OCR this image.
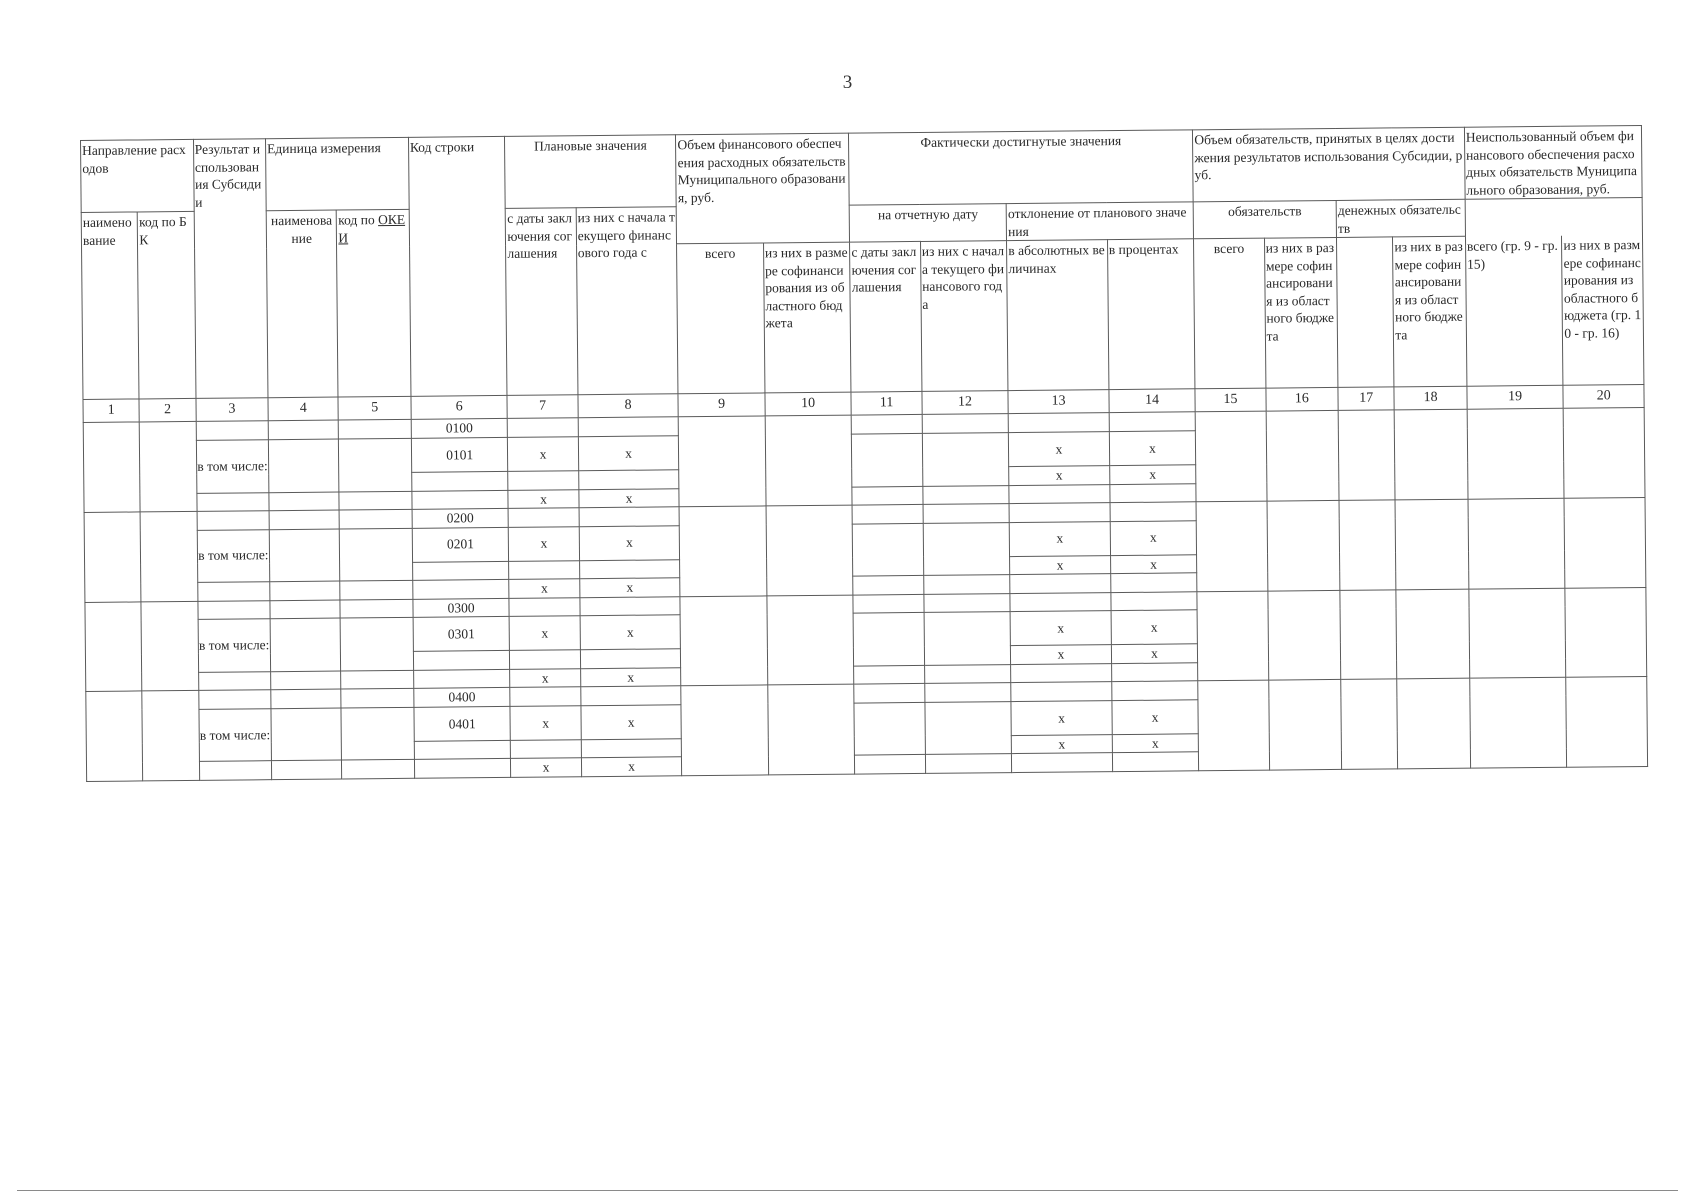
3
Направление расходов		Результат использования Субсидии	Единица измерения		Код строки	Плановые значения		Объем финансового обеспечения расходных обязательств Муниципального образования, руб.		Фактически достигнутые значения				Объем обязательств, принятых в целях достижения результатов использования Субсидии, руб.				Неиспользованный объем финансового обеспечения расходных обязательств Муниципального образования, руб.	
наименование	код по БК		наименование	код по ОКЕИ		с даты заключения соглашения	из них с начала текущего финансового года с			на отчетную дату		отклонение от планового значения		обязательств		денежных обязательств			
								всего	из них в размере софинансирования из областного бюджета	с даты заключения соглашения	из них с начала текущего финансового года	в абсолютных величинах	в процентах	всего	из них в размере софинансирования из областного бюджета		из них в размере софинансирования из областного бюджета	всего (гр. 9 - гр. 15)	из них в размере софинансирования из областного бюджета (гр. 10 - гр. 16)
1	2	3	4	5	6	7	8	9	10	11	12	13	14	15	16	17	18	19	20
					0100														
		в том числе:			0101	x	x					x	x						
												x	x						
						x	x												
					0200														
		в том числе:			0201	x	x					x	x						
												x	x						
						x	x												
					0300														
		в том числе:			0301	x	x					x	x						
												x	x						
						x	x												
					0400														
		в том числе:			0401	x	x					x	x						
												x	x						
						x	x												
